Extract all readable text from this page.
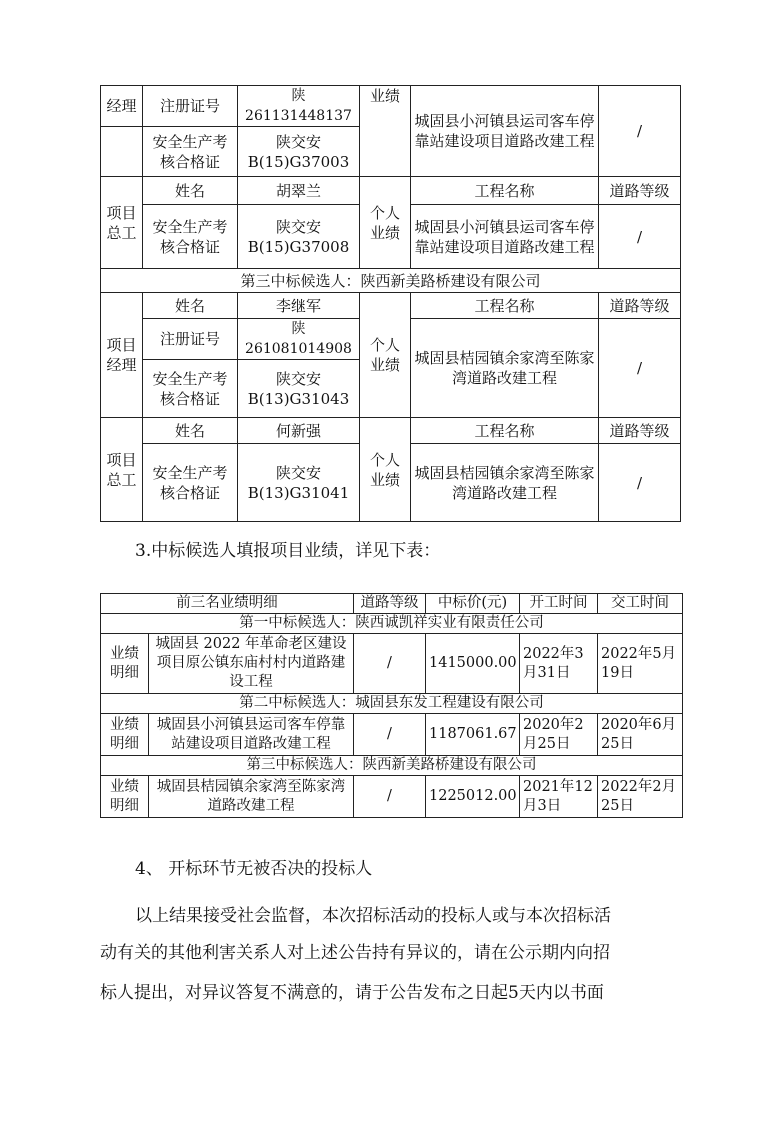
经理	注册证号	陕261131448137	业绩	城固县小河镇县运司客车停靠站建设项目道路改建工程	/
	安全生产考核合格证	陕交安B(15)G37003			
项目总工	姓名	胡翠兰	个人业绩	工程名称	道路等级
	安全生产考核合格证	陕交安B(15)G37008		城固县小河镇县运司客车停靠站建设项目道路改建工程	/
第三中标候选人：陕西新美路桥建设有限公司					
项目经理	姓名	李继军	个人业绩	工程名称	道路等级
	注册证号	陕261081014908		城固县桔园镇余家湾至陈家湾道路改建工程	/
	安全生产考核合格证	陕交安B(13)G31043			
项目总工	姓名	何新强	个人业绩	工程名称	道路等级
	安全生产考核合格证	陕交安B(13)G31041		城固县桔园镇余家湾至陈家湾道路改建工程	/
3.中标候选人填报项目业绩，详见下表：
前三名业绩明细		道路等级	中标价(元)	开工时间	交工时间
第一中标候选人：陕西诚凯祥实业有限责任公司					
业绩明细	城固县 2022 年革命老区建设项目原公镇东庙村村内道路建设工程	/	1415000.00	2022年3月31日	2022年5月19日
第二中标候选人：城固县东发工程建设有限公司					
业绩明细	城固县小河镇县运司客车停靠站建设项目道路改建工程	/	1187061.67	2020年2月25日	2020年6月25日
第三中标候选人：陕西新美路桥建设有限公司					
业绩明细	城固县桔园镇余家湾至陈家湾道路改建工程	/	1225012.00	2021年12月3日	2022年2月25日
4、 开标环节无被否决的投标人
以上结果接受社会监督，本次招标活动的投标人或与本次招标活
动有关的其他利害关系人对上述公告持有异议的，请在公示期内向招
标人提出，对异议答复不满意的，请于公告发布之日起5天内以书面
